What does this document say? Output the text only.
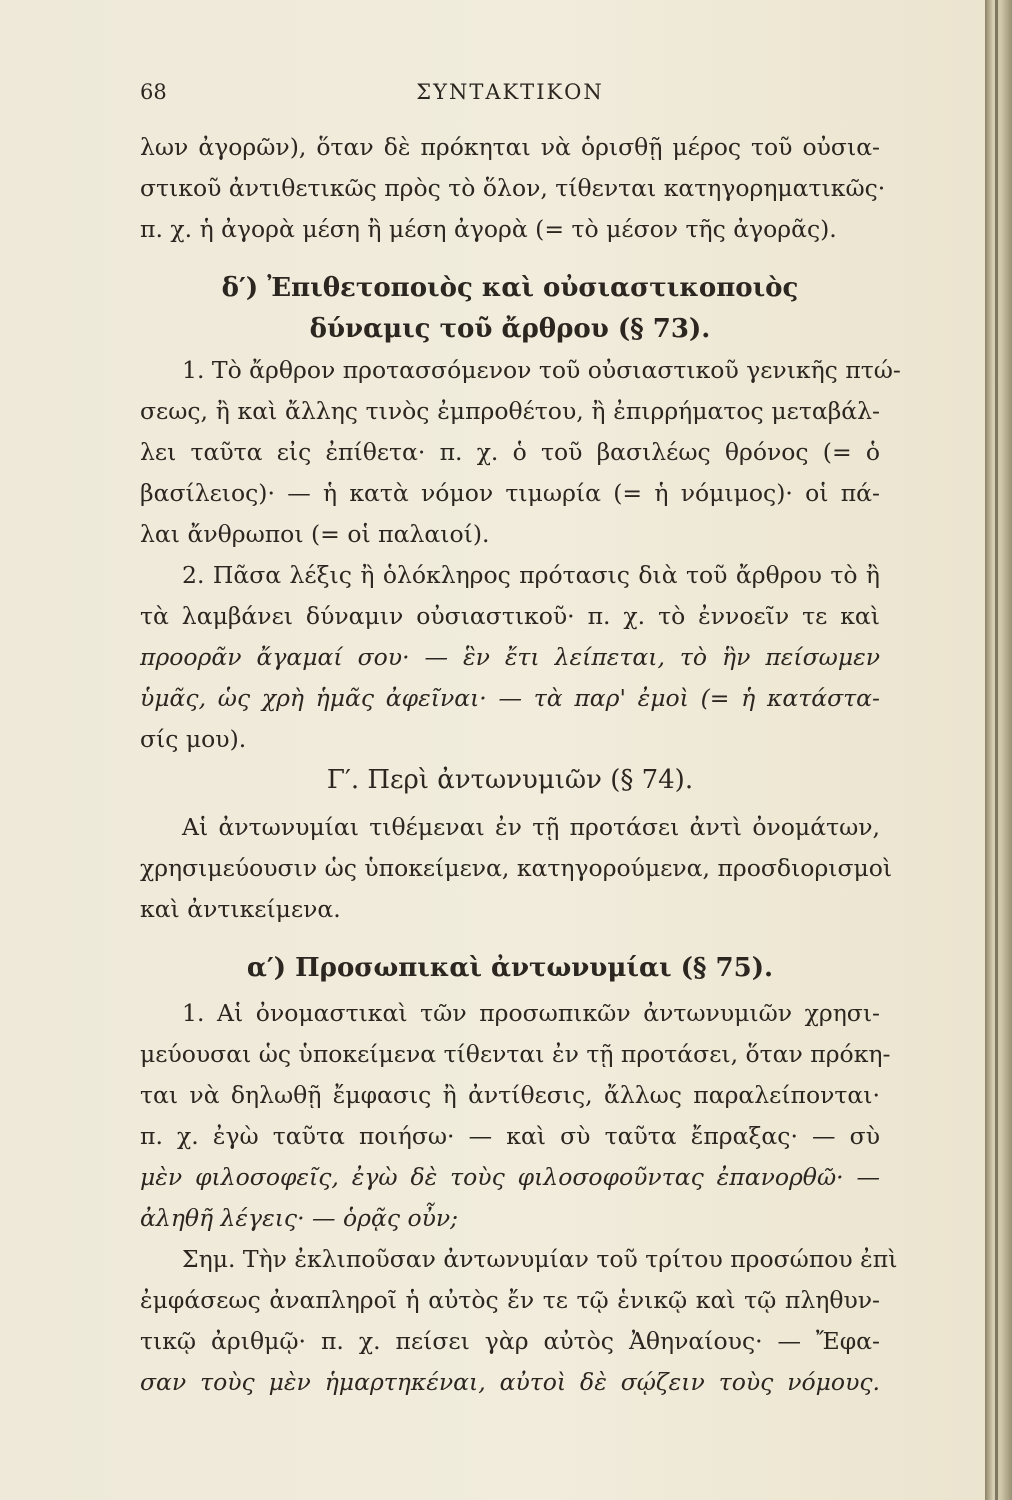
68	ΣΥΝΤΑΚΤΙΚΟΝ
λων ἀγορῶν), ὅταν δὲ πρόκηται νὰ ὁρισθῇ μέρος τοῦ οὐσια-
στικοῦ ἀντιθετικῶς πρὸς τὸ ὅλον, τίθενται κατηγορηματικῶς·
π. χ. ἡ ἀγορὰ μέση ἢ μέση ἀγορὰ (= τὸ μέσον τῆς ἀγορᾶς).
δ′) Ἐπιθετοποιὸς καὶ οὐσιαστικοποιὸς
δύναμις τοῦ ἄρθρου (§ 73).
1. Τὸ ἄρθρον προτασσόμενον τοῦ οὐσιαστικοῦ γενικῆς πτώ-
σεως, ἢ καὶ ἄλλης τινὸς ἐμπροθέτου, ἢ ἐπιρρήματος μεταβάλ-
λει ταῦτα εἰς ἐπίθετα· π. χ. ὁ τοῦ βασιλέως θρόνος (= ὁ
βασίλειος)· — ἡ κατὰ νόμον τιμωρία (= ἡ νόμιμος)· οἱ πά-
λαι ἄνθρωποι (= οἱ παλαιοί).
2. Πᾶσα λέξις ἢ ὁλόκληρος πρότασις διὰ τοῦ ἄρθρου τὸ ἢ
τὰ λαμβάνει δύναμιν οὐσιαστικοῦ· π. χ. τὸ ἐννοεῖν τε καὶ
προορᾶν ἄγαμαί σου· — ἓν ἔτι λείπεται, τὸ ἣν πείσωμεν
ὑμᾶς, ὡς χρὴ ἡμᾶς ἀφεῖναι· — τὰ παρ' ἐμοὶ (= ἡ κατάστα-
σίς μου).
Γ′. Περὶ ἀντωνυμιῶν (§ 74).
Αἱ ἀντωνυμίαι τιθέμεναι ἐν τῇ προτάσει ἀντὶ ὀνομάτων,
χρησιμεύουσιν ὡς ὑποκείμενα, κατηγορούμενα, προσδιορισμοὶ
καὶ ἀντικείμενα.
α′) Προσωπικαὶ ἀντωνυμίαι (§ 75).
1. Αἱ ὀνομαστικαὶ τῶν προσωπικῶν ἀντωνυμιῶν χρησι-
μεύουσαι ὡς ὑποκείμενα τίθενται ἐν τῇ προτάσει, ὅταν πρόκη-
ται νὰ δηλωθῇ ἔμφασις ἢ ἀντίθεσις, ἄλλως παραλείπονται·
π. χ. ἐγὼ ταῦτα ποιήσω· — καὶ σὺ ταῦτα ἔπραξας· — σὺ
μὲν φιλοσοφεῖς, ἐγὼ δὲ τοὺς φιλοσοφοῦντας ἐπανορθῶ· —
ἀληθῆ λέγεις· — ὁρᾷς οὖν;
Σημ. Τὴν ἐκλιποῦσαν ἀντωνυμίαν τοῦ τρίτου προσώπου ἐπὶ
ἐμφάσεως ἀναπληροῖ ἡ αὐτὸς ἔν τε τῷ ἑνικῷ καὶ τῷ πληθυν-
τικῷ ἀριθμῷ· π. χ. πείσει γὰρ αὐτὸς Ἀθηναίους· — Ἔφα-
σαν τοὺς μὲν ἡμαρτηκέναι, αὐτοὶ δὲ σῴζειν τοὺς νόμους.
